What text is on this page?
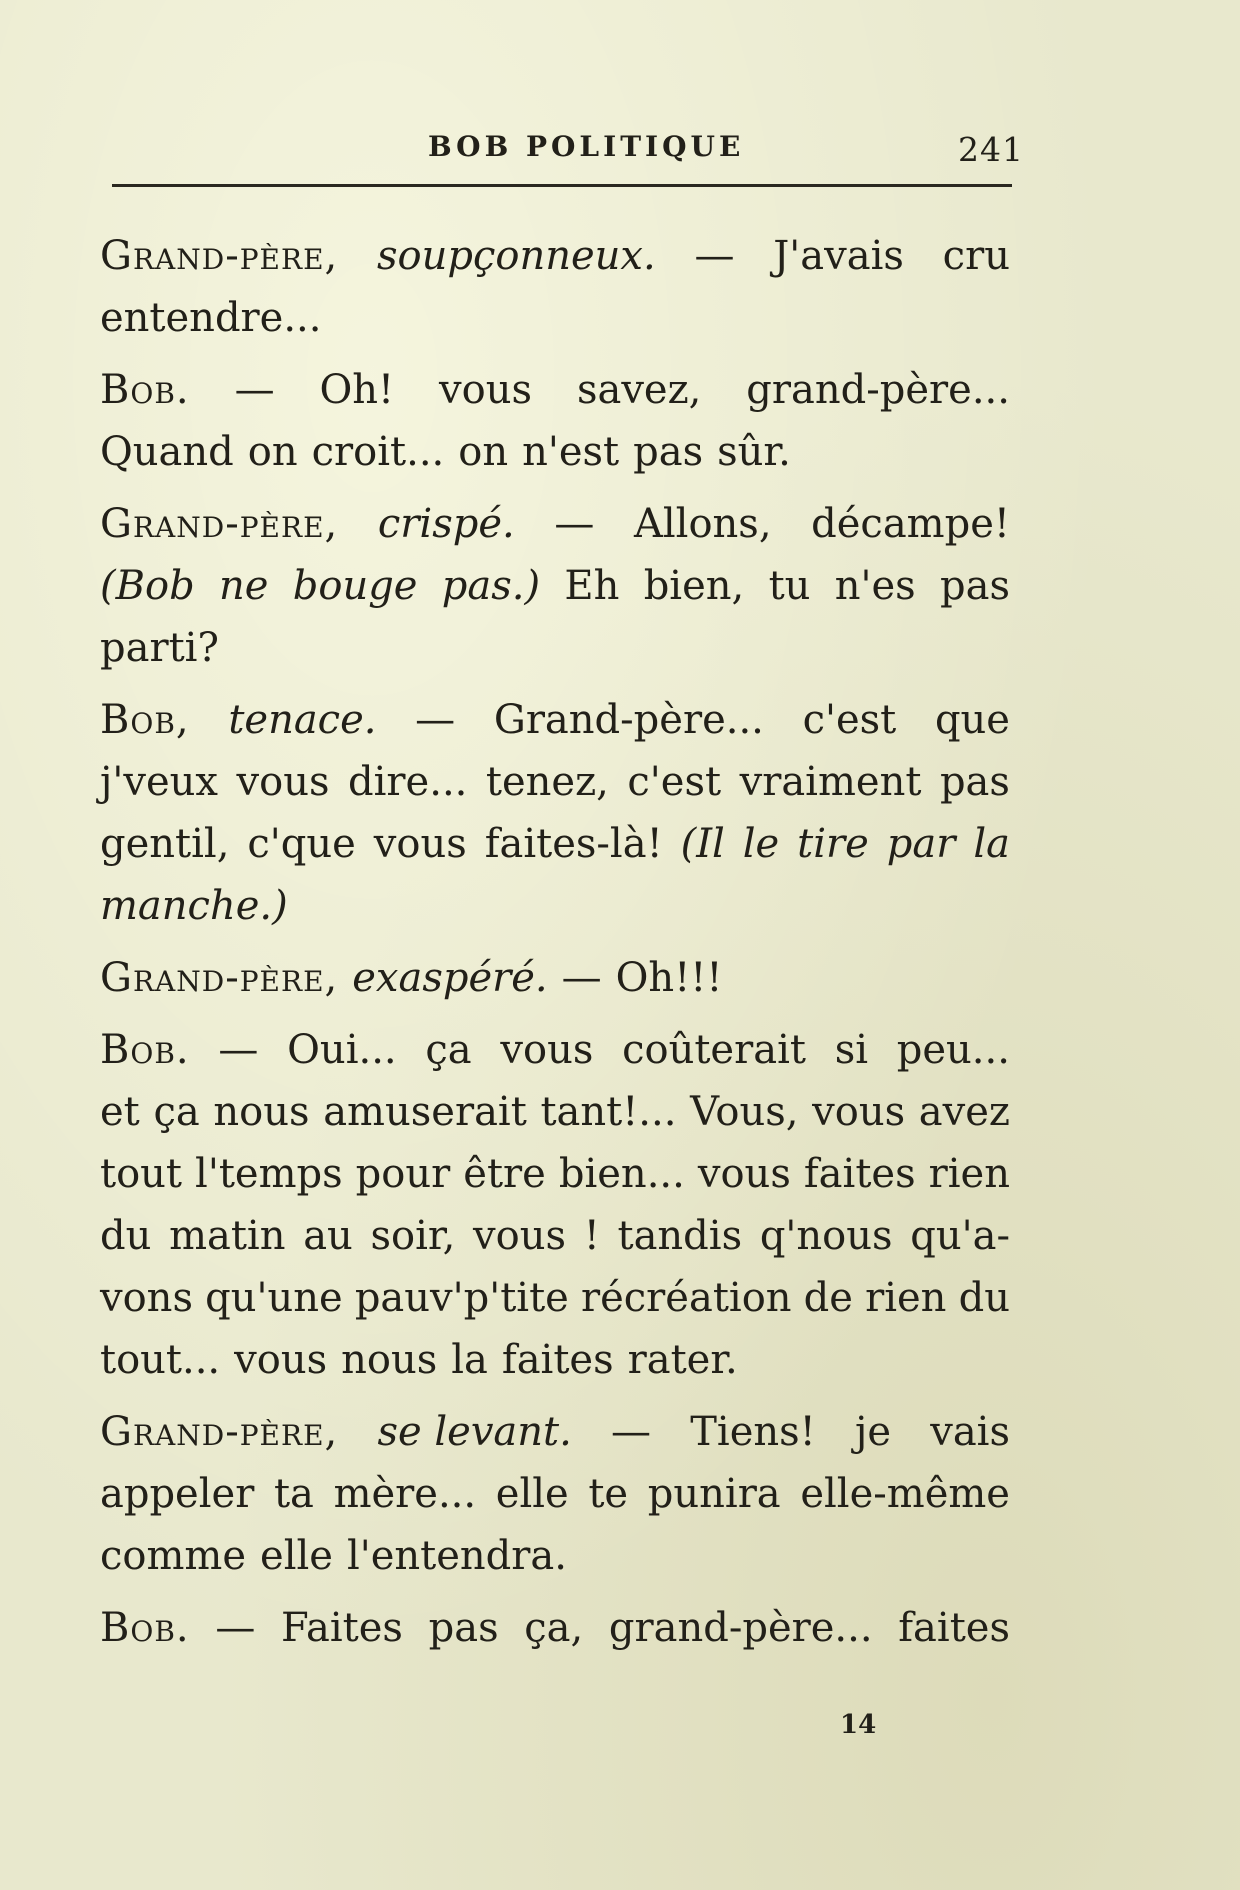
BOB POLITIQUE	241
Grand-père, soupçonneux. — J'avais cru
entendre...
Bob. — Oh! vous savez, grand-père...
Quand on croit... on n'est pas sûr.
Grand-père, crispé. — Allons, décampe!
(Bob ne bouge pas.) Eh bien, tu n'es pas
parti?
Bob, tenace. — Grand-père... c'est que
j'veux vous dire... tenez, c'est vraiment pas
gentil, c'que vous faites-là! (Il le tire par la
manche.)
Grand-père, exaspéré. — Oh!!!
Bob. — Oui... ça vous coûterait si peu...
et ça nous amuserait tant!... Vous, vous avez
tout l'temps pour être bien... vous faites rien
du matin au soir, vous ! tandis q'nous qu'a-
vons qu'une pauv'p'tite récréation de rien du
tout... vous nous la faites rater.
Grand-père, se levant. — Tiens! je vais
appeler ta mère... elle te punira elle-même
comme elle l'entendra.
Bob. — Faites pas ça, grand-père... faites
14
